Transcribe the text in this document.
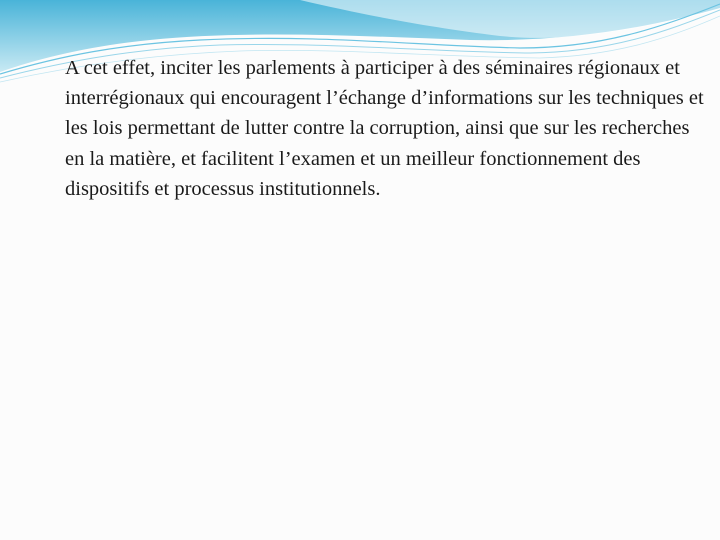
A cet effet, inciter les parlements à participer à des séminaires régionaux et interrégionaux qui encouragent l’échange d’informations sur les techniques et les lois permettant de lutter contre la corruption, ainsi que sur les recherches en la matière, et facilitent l’examen et un meilleur fonctionnement des dispositifs et processus institutionnels.
